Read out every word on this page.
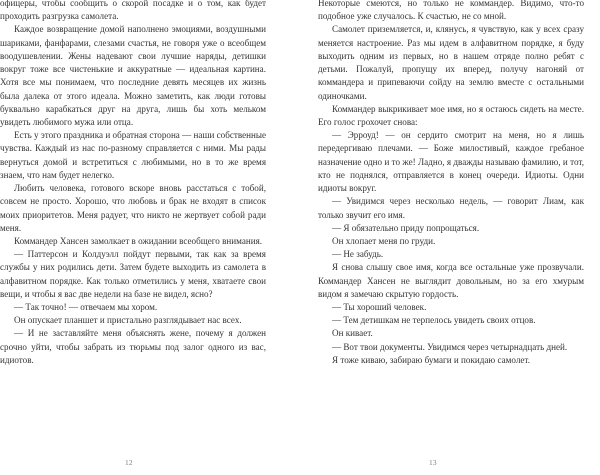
офицеры, чтобы сообщить о скорой посадке и о том, как будет проходить разгрузка самолета.

Каждое возвращение домой наполнено эмоциями, воздушными шариками, фанфарами, слезами счастья, не говоря уже о всеобщем воодушевлении. Жены надевают свои лучшие наряды, детишки вокруг тоже все чистенькие и аккуратные — идеальная картина. Хотя все мы понимаем, что последние девять месяцев их жизнь была далека от этого идеала. Можно заметить, как люди готовы буквально карабкаться друг на друга, лишь бы хоть мельком увидеть любимого мужа или отца.

Есть у этого праздника и обратная сторона — наши собственные чувства. Каждый из нас по-разному справляется с ними. Мы рады вернуться домой и встретиться с любимыми, но в то же время знаем, что нам будет нелегко.

Любить человека, готового вскоре вновь расстаться с тобой, совсем не просто. Хорошо, что любовь и брак не входят в список моих приоритетов. Меня радует, что никто не жертвует собой ради меня.

Коммандер Хансен замолкает в ожидании всеобщего внимания.

— Паттерсон и Колдуэлл пойдут первыми, так как за время службы у них родились дети. Затем будете выходить из самолета в алфавитном порядке. Как только отметились у меня, хватаете свои вещи, и чтобы я вас две недели на базе не видел, ясно?

— Так точно! — отвечаем мы хором.

Он опускает планшет и пристально разглядывает нас всех.

— И не заставляйте меня объяснять жене, почему я должен срочно уйти, чтобы забрать из тюрьмы под залог одного из вас, идиотов.

12

Некоторые смеются, но только не коммандер. Видимо, что-то подобное уже случалось. К счастью, не со мной.

Самолет приземляется, и, клянусь, я чувствую, как у всех сразу меняется настроение. Раз мы идем в алфавитном порядке, я буду выходить одним из первых, но в нашем отряде полно ребят с детьми. Пожалуй, пропущу их вперед, получу нагоняй от коммандера и припеваючи сойду на землю вместе с остальными одиночками.

Коммандер выкрикивает мое имя, но я остаюсь сидеть на месте. Его голос грохочет снова:

— Эрроуд! — он сердито смотрит на меня, но я лишь передергиваю плечами. — Боже милостивый, каждое гребаное назначение одно и то же! Ладно, я дважды называю фамилию, и тот, кто не поднялся, отправляется в конец очереди. Идиоты. Одни идиоты вокруг.

— Увидимся через несколько недель, — говорит Лиам, как только звучит его имя.

— Я обязательно приду попрощаться.

Он хлопает меня по груди.

— Не забудь.

Я снова слышу свое имя, когда все остальные уже прозвучали. Коммандер Хансен не выглядит довольным, но за его хмурым видом я замечаю скрытую гордость.

— Ты хороший человек.

— Тем детишкам не терпелось увидеть своих отцов.

Он кивает.

— Вот твои документы. Увидимся через четырнадцать дней.

Я тоже киваю, забираю бумаги и покидаю самолет.

13
